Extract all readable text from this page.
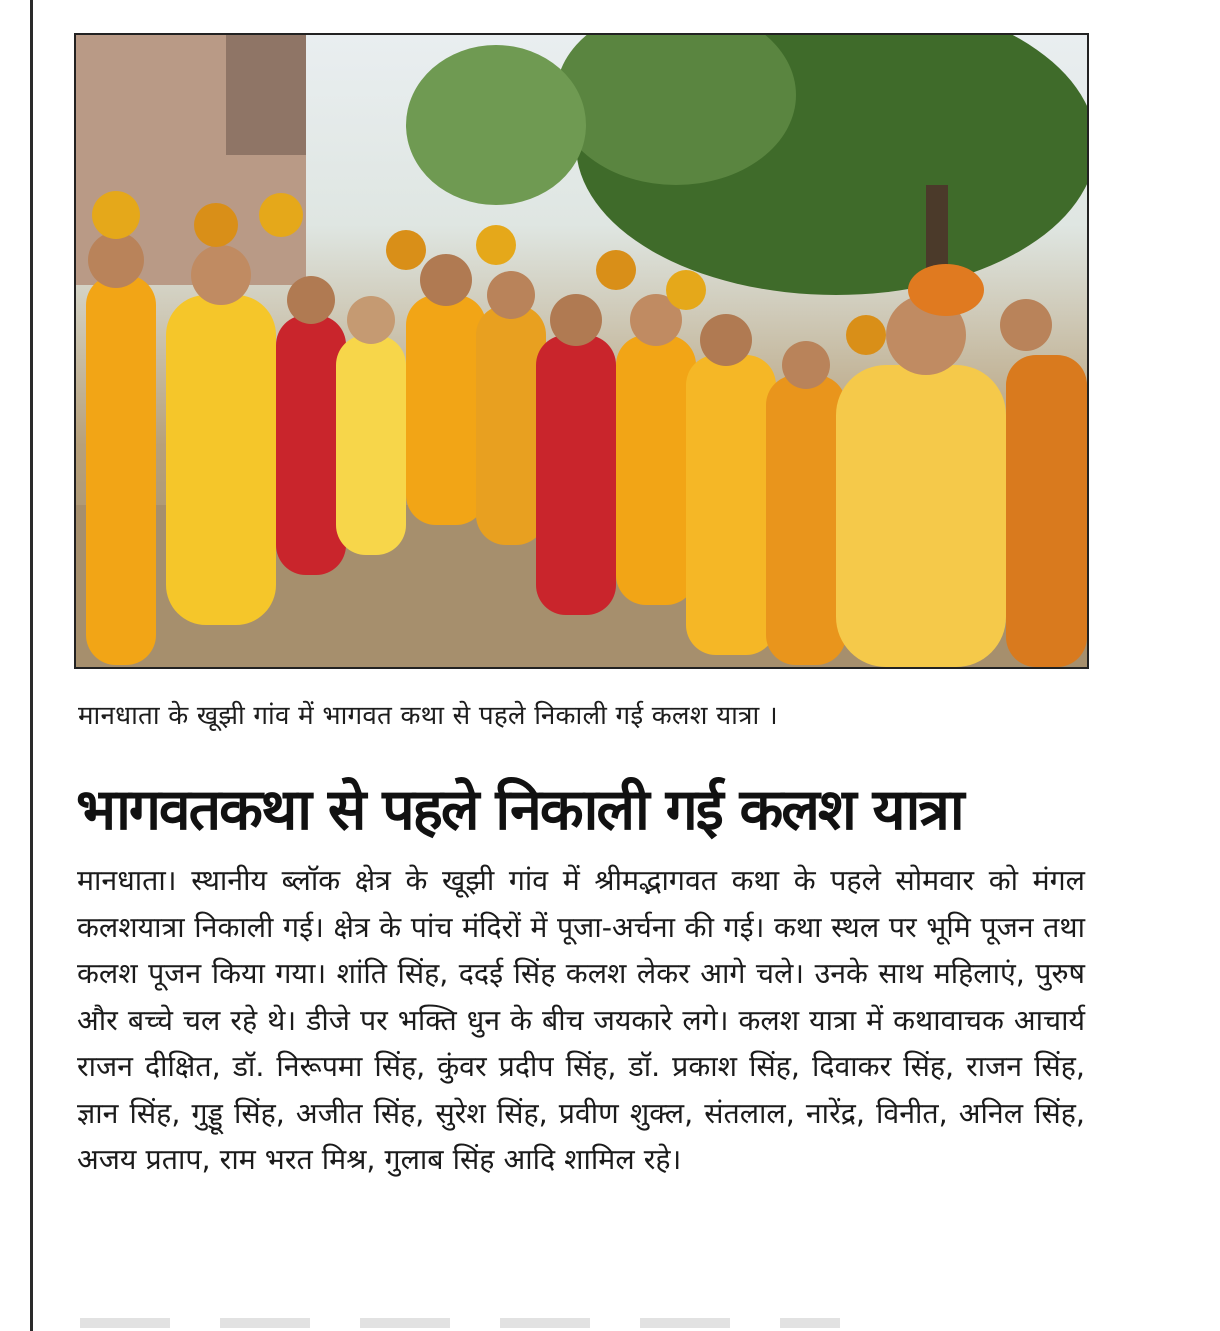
मानधाता के खूझी गांव में भागवत कथा से पहले निकाली गई कलश यात्रा ।
भागवतकथा से पहले निकाली गई कलश यात्रा

मानधाता। स्थानीय ब्लॉक क्षेत्र के खूझी गांव में श्रीमद्भागवत कथा के पहले सोमवार को मंगल कलशयात्रा निकाली गई। क्षेत्र के पांच मंदिरों में पूजा-अर्चना की गई। कथा स्थल पर भूमि पूजन तथा कलश पूजन किया गया। शांति सिंह, ददई सिंह कलश लेकर आगे चले। उनके साथ महिलाएं, पुरुष और बच्चे चल रहे थे। डीजे पर भक्ति धुन के बीच जयकारे लगे। कलश यात्रा में कथावाचक आचार्य राजन दीक्षित, डॉ. निरूपमा सिंह, कुंवर प्रदीप सिंह, डॉ. प्रकाश सिंह, दिवाकर सिंह, राजन सिंह, ज्ञान सिंह, गुड्डू सिंह, अजीत सिंह, सुरेश सिंह, प्रवीण शुक्ल, संतलाल, नारेंद्र, विनीत, अनिल सिंह, अजय प्रताप, राम भरत मिश्र, गुलाब सिंह आदि शामिल रहे।
